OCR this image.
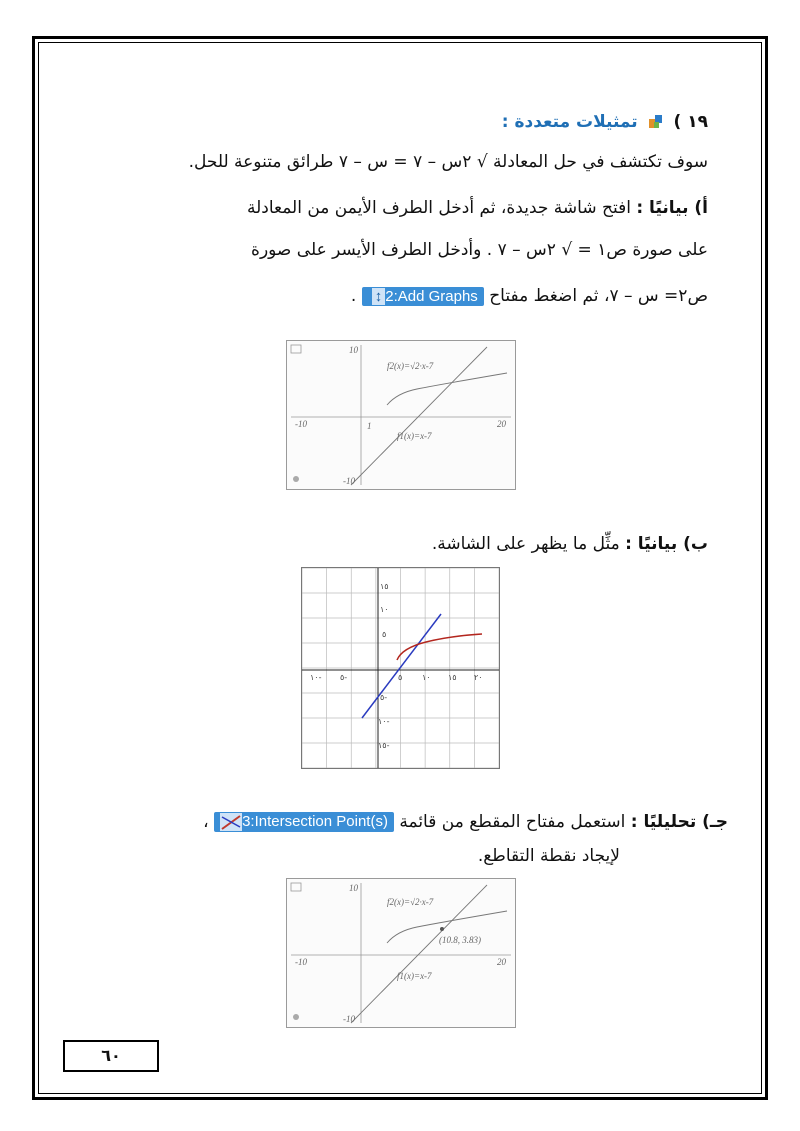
١٩ )  تمثيلات متعددة :
سوف تكتشف في حل المعادلة √ ٢س – ٧ = س – ٧ طرائق متنوعة للحل.
أ) بيانيًا : افتح شاشة جديدة، ثم أدخل الطرف الأيمن من المعادلة
على صورة ص١ = √ ٢س – ٧ . وأدخل الطرف الأيسر على صورة
ص٢= س – ٧، ثم اضغط مفتاح ↕ 2:Add Graphs .
f2(x)=√2·x-7
f1(x)=x-7
10
-10
-10	20
1
ب) بيانيًا : مثِّل ما يظهر على الشاشة.
١٥
١٠
٥
٥-
١٠-
١٥-
١٠- ٥-	٥ ١٠ ١٥ ٢٠
جـ) تحليليًا : استعمل مفتاح المقطع من قائمة 3:Intersection Point(s) ،
لإيجاد نقطة التقاطع.
f2(x)=√2·x-7
f1(x)=x-7
(10.8, 3.83)
10
-10
-10	20
٦٠
